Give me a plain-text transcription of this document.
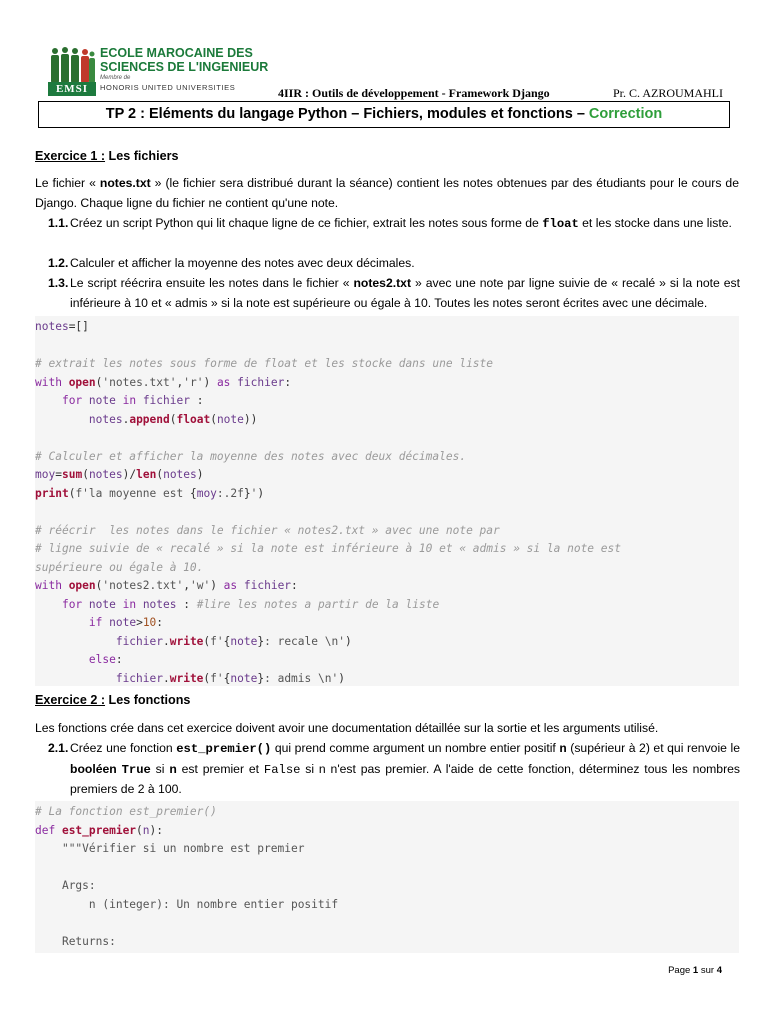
EMSI
ECOLE MAROCAINE DES
SCIENCES DE L'INGENIEUR
Membre de
HONORIS UNITED UNIVERSITIES	4IIR : Outils de développement - Framework Django	Pr. C. AZROUMAHLI
TP 2 : Eléments du langage Python – Fichiers, modules et fonctions – Correction
Exercice 1 : Les fichiers
Le fichier « notes.txt » (le fichier sera distribué durant la séance) contient les notes obtenues par des étudiants pour le cours de Django. Chaque ligne du fichier ne contient qu'une note.
1.1. Créez un script Python qui lit chaque ligne de ce fichier, extrait les notes sous forme de float et les stocke dans une liste.
1.2. Calculer et afficher la moyenne des notes avec deux décimales.
1.3. Le script réécrira ensuite les notes dans le fichier « notes2.txt » avec une note par ligne suivie de « recalé » si la note est inférieure à 10 et « admis » si la note est supérieure ou égale à 10. Toutes les notes seront écrites avec une décimale.
notes=[]
# extrait les notes sous forme de float et les stocke dans une liste
with open('notes.txt','r') as fichier:
for note in fichier :
notes.append(float(note))
# Calculer et afficher la moyenne des notes avec deux décimales.
moy=sum(notes)/len(notes)
print(f'la moyenne est {moy:.2f}')
# réécrir  les notes dans le fichier « notes2.txt » avec une note par
# ligne suivie de « recalé » si la note est inférieure à 10 et « admis » si la note est
supérieure ou égale à 10.
with open('notes2.txt','w') as fichier:
for note in notes : #lire les notes a partir de la liste
if note>10:
fichier.write(f'{note}: recale \n')
else:
fichier.write(f'{note}: admis \n')
Exercice 2 : Les fonctions
Les fonctions crée dans cet exercice doivent avoir une documentation détaillée sur la sortie et les arguments utilisé.
2.1. Créez une fonction est_premier() qui prend comme argument un nombre entier positif n (supérieur à 2) et qui renvoie le booléen True si n est premier et False si n n'est pas premier. A l'aide de cette fonction, déterminez tous les nombres premiers de 2 à 100.
# La fonction est_premier()
def est_premier(n):
"""Vérifier si un nombre est premier
Args:
n (integer): Un nombre entier positif
Returns:
Page 1 sur 4
